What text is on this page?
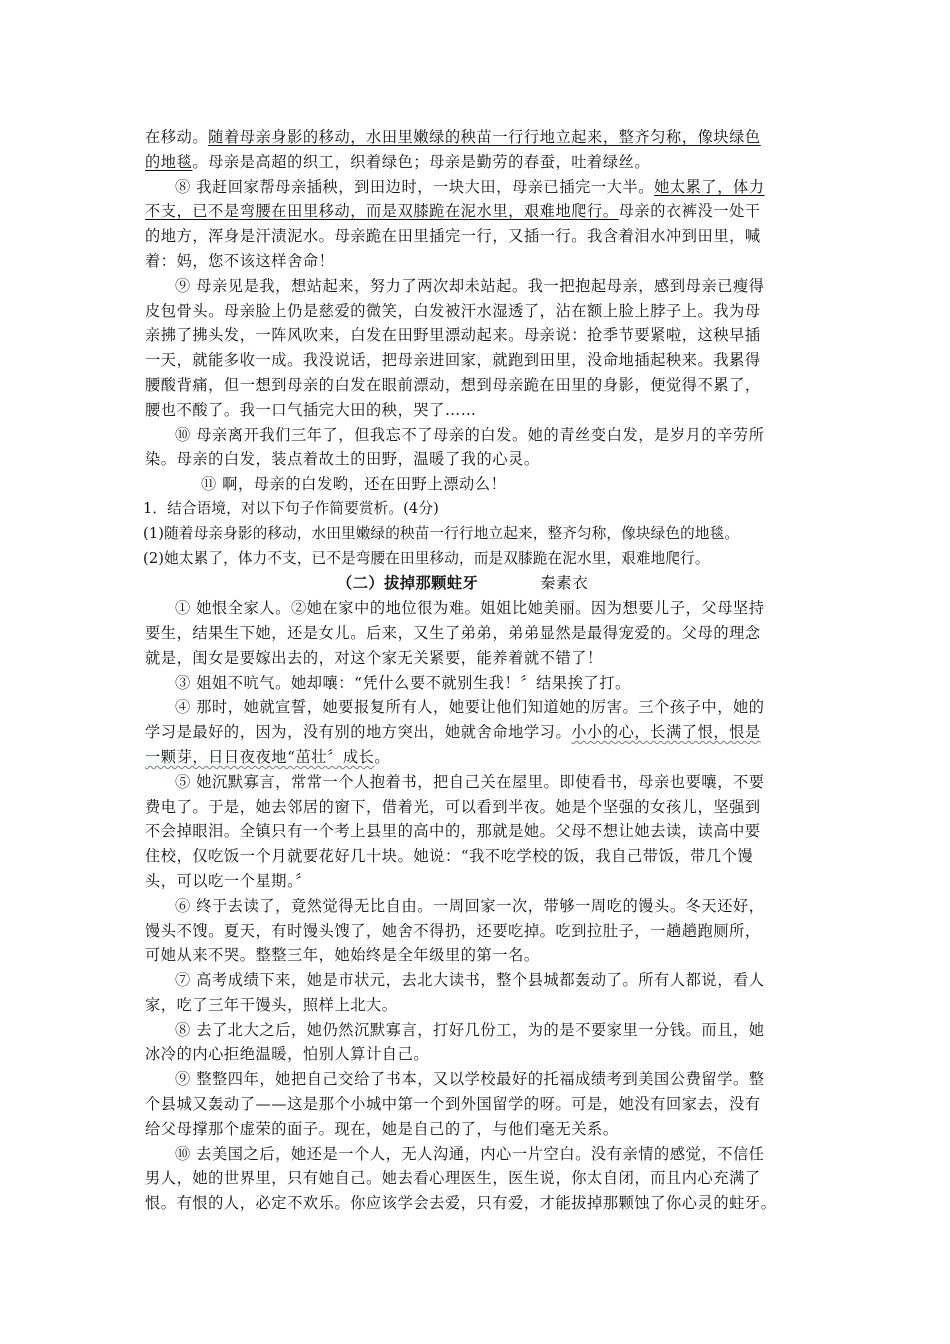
在移动。随着母亲身影的移动，水田里嫩绿的秧苗一行行地立起来，整齐匀称，像块绿色
的地毯。母亲是高超的织工，织着绿色；母亲是勤劳的春蚕，吐着绿丝。
⑧ 我赶回家帮母亲插秧，到田边时，一块大田，母亲已插完一大半。她太累了，体力
不支，已不是弯腰在田里移动，而是双膝跪在泥水里，艰难地爬行。母亲的衣裤没一处干
的地方，浑身是汗渍泥水。母亲跪在田里插完一行，又插一行。我含着泪水冲到田里，喊
着：妈，您不该这样舍命！
⑨ 母亲见是我，想站起来，努力了两次却未站起。我一把抱起母亲，感到母亲已瘦得
皮包骨头。母亲脸上仍是慈爱的微笑，白发被汗水湿透了，沾在额上脸上脖子上。我为母
亲拂了拂头发，一阵风吹来，白发在田野里漂动起来。母亲说：抢季节要紧啦，这秧早插
一天，就能多收一成。我没说话，把母亲进回家，就跑到田里，没命地插起秧来。我累得
腰酸背痛，但一想到母亲的白发在眼前漂动，想到母亲跪在田里的身影，便觉得不累了，
腰也不酸了。我一口气插完大田的秧，哭了……
⑩ 母亲离开我们三年了，但我忘不了母亲的白发。她的青丝变白发，是岁月的辛劳所
染。母亲的白发，装点着故土的田野，温暖了我的心灵。
⑪ 啊，母亲的白发哟，还在田野上漂动么！
1．结合语境，对以下句子作简要赏析。(4分)
(1)随着母亲身影的移动，水田里嫩绿的秧苗一行行地立起来，整齐匀称，像块绿色的地毯。
(2)她太累了，体力不支，已不是弯腰在田里移动，而是双膝跪在泥水里，艰难地爬行。
（二）拔掉那颗蛀牙	秦素衣
① 她恨全家人。②她在家中的地位很为难。姐姐比她美丽。因为想要儿子，父母坚持
要生，结果生下她，还是女儿。后来，又生了弟弟，弟弟显然是最得宠爱的。父母的理念
就是，闺女是要嫁出去的，对这个家无关紧要，能养着就不错了！
③ 姐姐不吭气。她却嚷：“凭什么要不就别生我！〞结果挨了打。
④ 那时，她就宣誓，她要报复所有人，她要让他们知道她的厉害。三个孩子中，她的
学习是最好的，因为，没有别的地方突出，她就舍命地学习。小小的心，长满了恨，恨是
一颗芽，日日夜夜地“茁壮〞成长。
⑤ 她沉默寡言，常常一个人抱着书，把自己关在屋里。即使看书，母亲也要嚷，不要
费电了。于是，她去邻居的窗下，借着光，可以看到半夜。她是个坚强的女孩儿，坚强到
不会掉眼泪。全镇只有一个考上县里的高中的，那就是她。父母不想让她去读，读高中要
住校，仅吃饭一个月就要花好几十块。她说：“我不吃学校的饭，我自己带饭，带几个馒
头，可以吃一个星期。〞
⑥ 终于去读了，竟然觉得无比自由。一周回家一次，带够一周吃的馒头。冬天还好，
馒头不馊。夏天，有时馒头馊了，她舍不得扔，还要吃掉。吃到拉肚子，一趟趟跑厕所，
可她从来不哭。整整三年，她始终是全年级里的第一名。
⑦ 高考成绩下来，她是市状元，去北大读书，整个县城都轰动了。所有人都说，看人
家，吃了三年干馒头，照样上北大。
⑧ 去了北大之后，她仍然沉默寡言，打好几份工，为的是不要家里一分钱。而且，她
冰冷的内心拒绝温暖，怕别人算计自己。
⑨ 整整四年，她把自己交给了书本，又以学校最好的托福成绩考到美国公费留学。整
个县城又轰动了——这是那个小城中第一个到外国留学的呀。可是，她没有回家去，没有
给父母撑那个虚荣的面子。现在，她是自己的了，与他们毫无关系。
⑩ 去美国之后，她还是一个人，无人沟通，内心一片空白。没有亲情的感觉，不信任
男人，她的世界里，只有她自己。她去看心理医生，医生说，你太自闭，而且内心充满了
恨。有恨的人，必定不欢乐。你应该学会去爱，只有爱，才能拔掉那颗蚀了你心灵的蛀牙。
